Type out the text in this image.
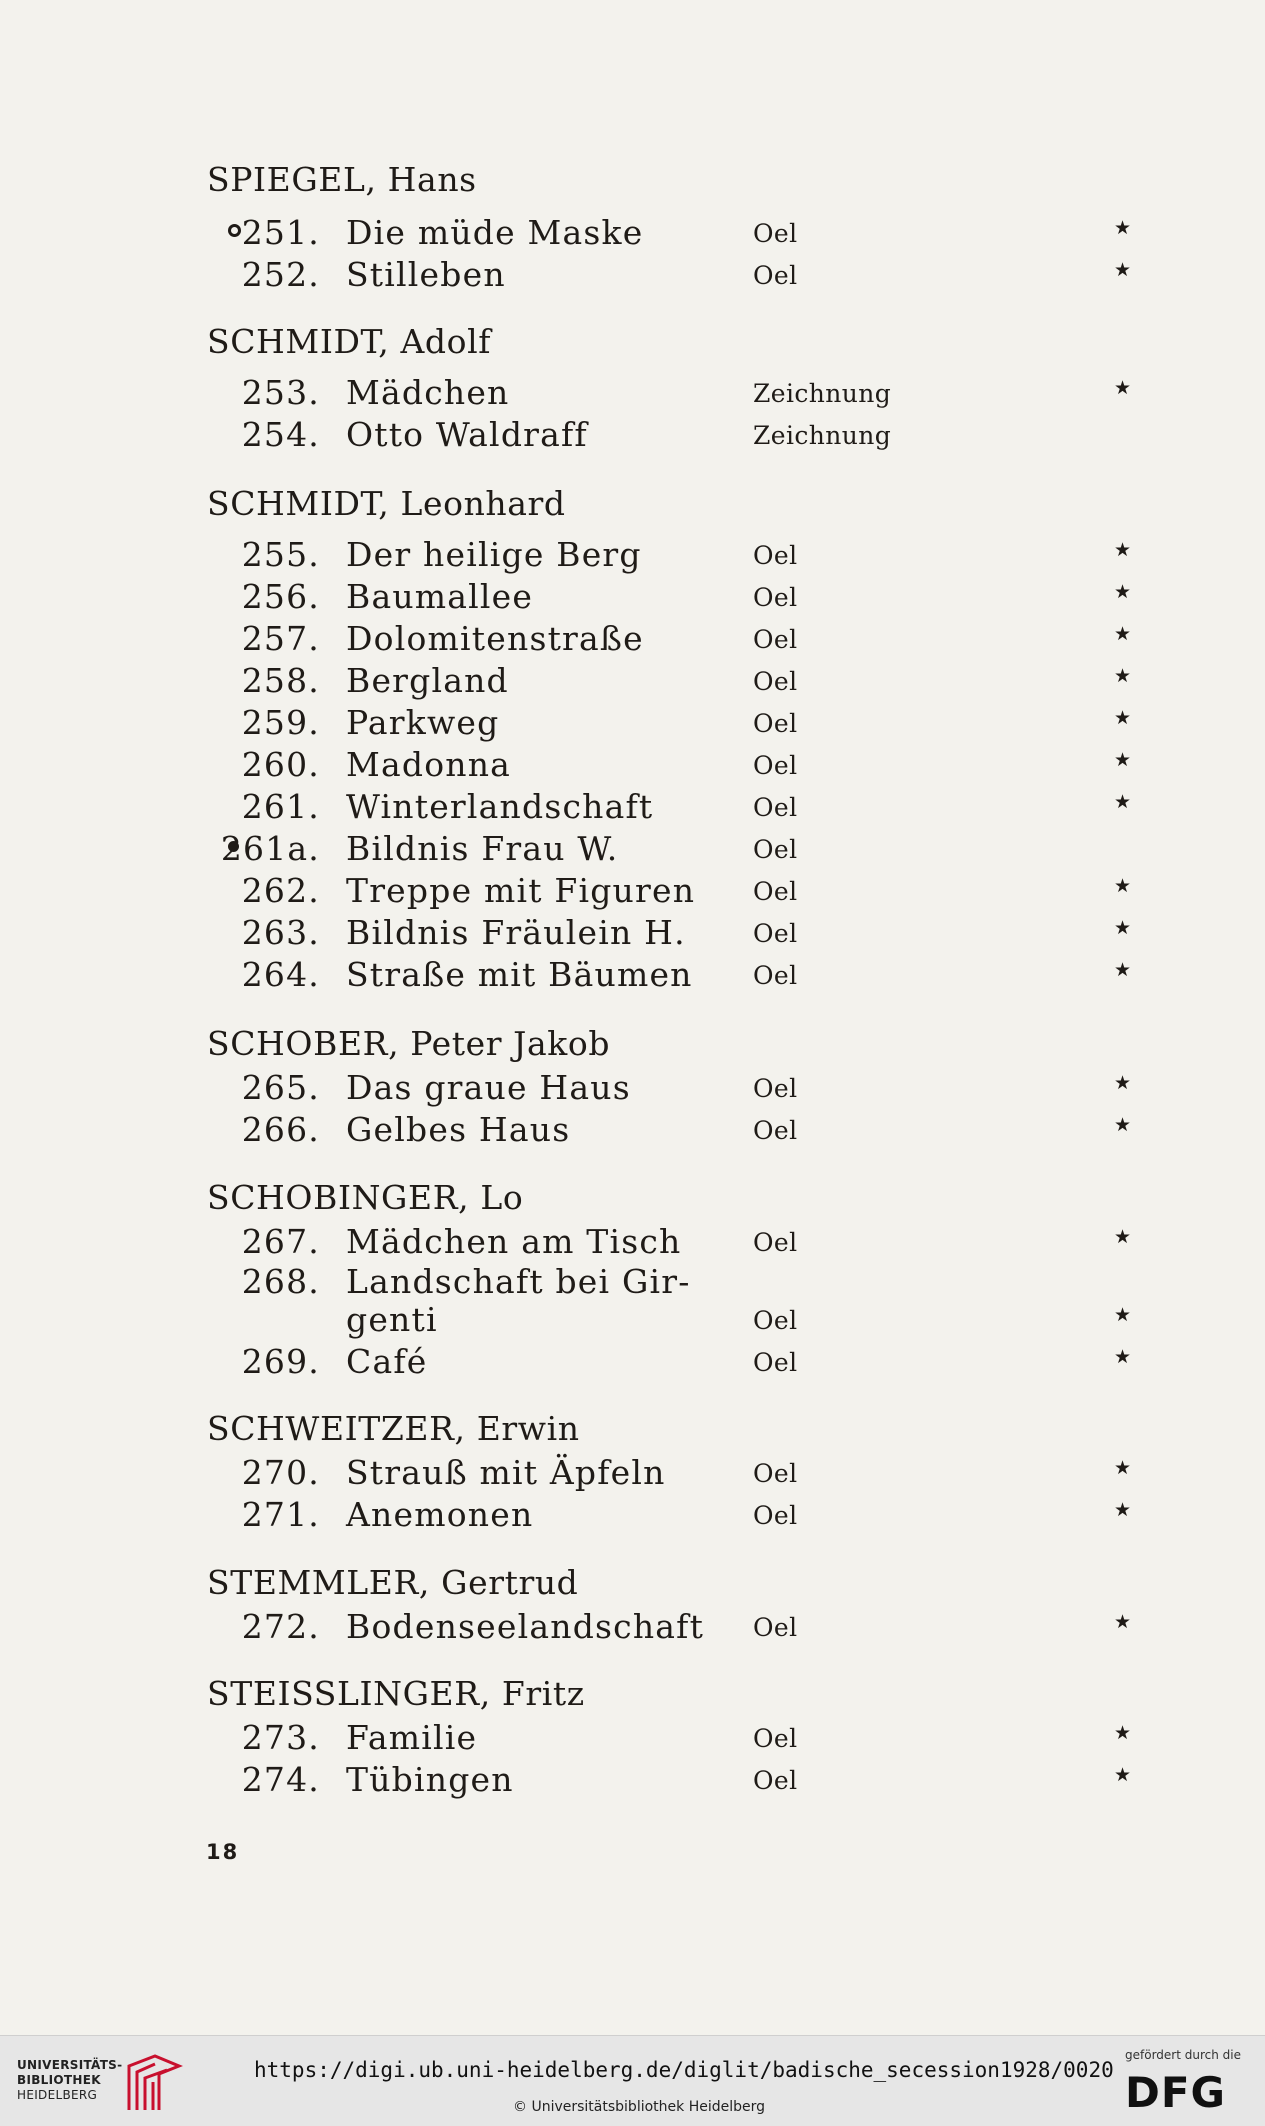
SPIEGEL, Hans
251. Die müde Maske	Oel	★
252. Stilleben	Oel	★
SCHMIDT, Adolf
253. Mädchen	Zeichnung	★
254. Otto Waldraff	Zeichnung
SCHMIDT, Leonhard
255. Der heilige Berg	Oel	★
256. Baumallee	Oel	★
257. Dolomitenstraße	Oel	★
258. Bergland	Oel	★
259. Parkweg	Oel	★
260. Madonna	Oel	★
261. Winterlandschaft	Oel	★
261a. Bildnis Frau W.	Oel
262. Treppe mit Figuren Oel	★
263. Bildnis Fräulein H.	Oel	★
264. Straße mit Bäumen Oel	★
SCHOBER, Peter Jakob
265. Das graue Haus	Oel	★
266. Gelbes Haus	Oel	★
SCHOBINGER, Lo
267. Mädchen am Tisch	Oel	★
268. Landschaft bei Gir-
genti	Oel	★
269. Café	Oel	★
SCHWEITZER, Erwin
270. Strauß mit Äpfeln	Oel	★
271. Anemonen	Oel	★
STEMMLER, Gertrud
272. Bodenseelandschaft Oel	★
STEISSLINGER, Fritz
273. Familie	Oel	★
274. Tübingen	Oel	★
18
UNIVERSITÄTS-
BIBLIOTHEK
HEIDELBERG
https://digi.ub.uni-heidelberg.de/diglit/badische_secession1928/0020
© Universitätsbibliothek Heidelberg
gefördert durch die
DFG
